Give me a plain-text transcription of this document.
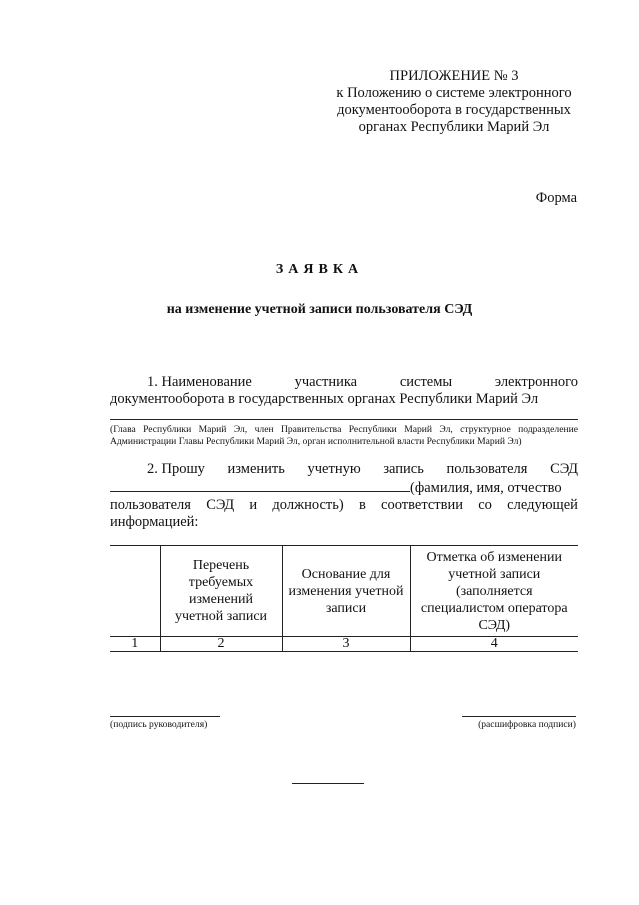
ПРИЛОЖЕНИЕ № 3
к Положению о системе электронного
документооборота в государственных
органах Республики Марий Эл
Форма
ЗАЯВКА
на изменение учетной записи пользователя СЭД
1. Наименование	участника	системы	электронного
документооборота в государственных органах Республики Марий Эл
(Глава Республики Марий Эл, член Правительства Республики Марий Эл, структурное подразделение Администрации Главы Республики Марий Эл, орган исполнительной власти Республики Марий Эл)
2. Прошу изменить учетную запись пользователя СЭД
(фамилия, имя, отчество
пользователя СЭД и должность) в соответствии со следующей
информацией:
	Перечень требуемых изменений учетной записи	Основание для изменения учетной записи	Отметка об изменении учетной записи (заполняется специалистом оператора СЭД)
1	2	3	4
(подпись руководителя)	(расшифровка подписи)
